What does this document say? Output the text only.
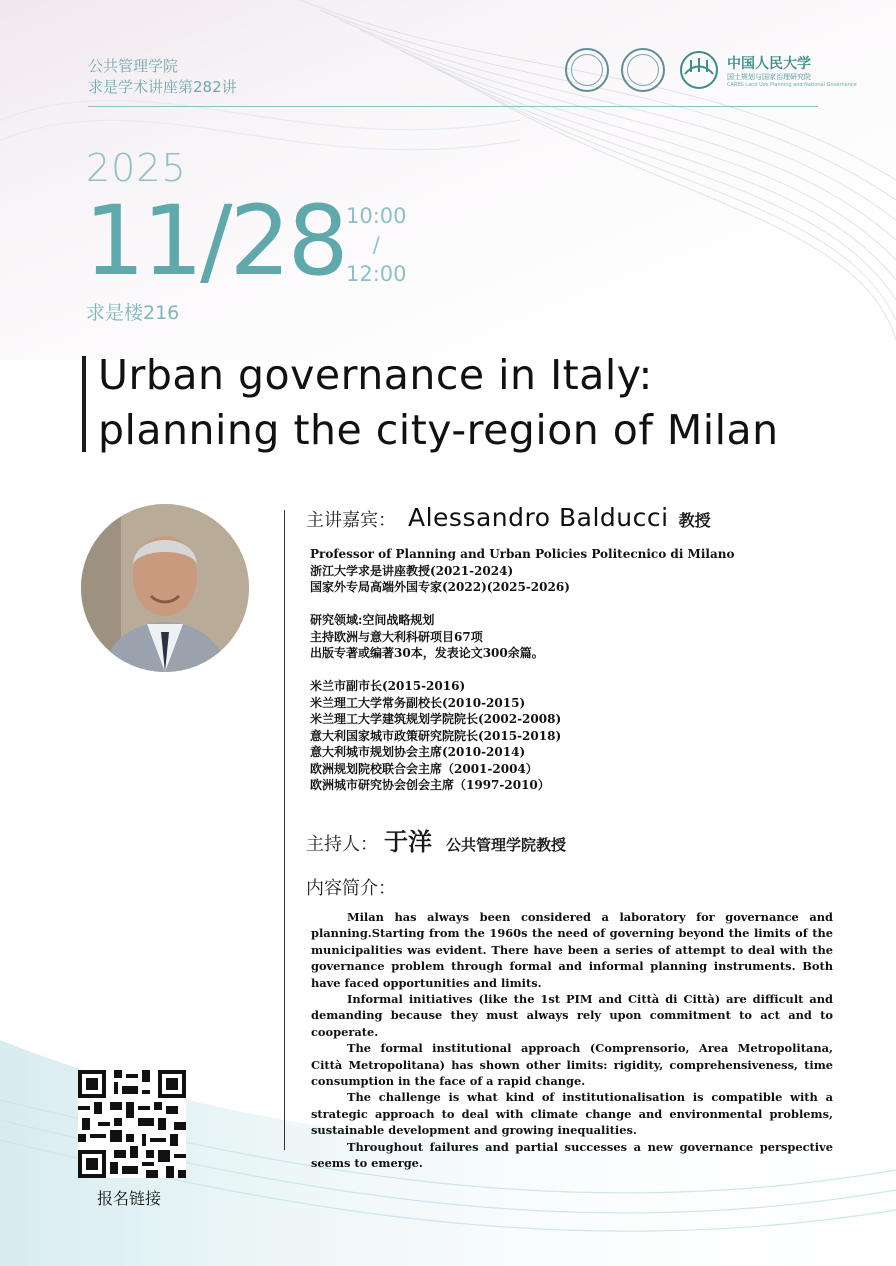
公共管理学院
求是学术讲座第282讲
中国人民大学
国土规划与国家治理研究院
CARES Land Use Planning and National Governance
2025
11/28 10:00
/
12:00
求是楼216
Urban governance in Italy:
planning the city-region of Milan
主讲嘉宾： Alessandro Balducci 教授
Professor of Planning and Urban Policies Politecnico di Milano
浙江大学求是讲座教授(2021-2024)
国家外专局高端外国专家(2022)(2025-2026)
研究领域:空间战略规划
主持欧洲与意大利科研项目67项
出版专著或编著30本，发表论文300余篇。
米兰市副市长(2015-2016)
米兰理工大学常务副校长(2010-2015)
米兰理工大学建筑规划学院院长(2002-2008)
意大利国家城市政策研究院院长(2015-2018)
意大利城市规划协会主席(2010-2014)
欧洲规划院校联合会主席（2001-2004）
欧洲城市研究协会创会主席（1997-2010）
主持人： 于洋 公共管理学院教授
内容简介：

Milan has always been considered a laboratory for governance and planning.Starting from the 1960s the need of governing beyond the limits of the municipalities was evident. There have been a series of attempt to deal with the governance problem through formal and informal planning instruments. Both have faced opportunities and limits.

Informal initiatives (like the 1st PIM and Città di Città) are difficult and demanding because they must always rely upon commitment to act and to cooperate.

The formal institutional approach (Comprensorio, Area Metropolitana, Città Metropolitana) has shown other limits: rigidity, comprehensiveness, time consumption in the face of a rapid change.

The challenge is what kind of institutionalisation is compatible with a strategic approach to deal with climate change and environmental problems, sustainable development and growing inequalities.

Throughout failures and partial successes a new governance perspective seems to emerge.

报名链接
